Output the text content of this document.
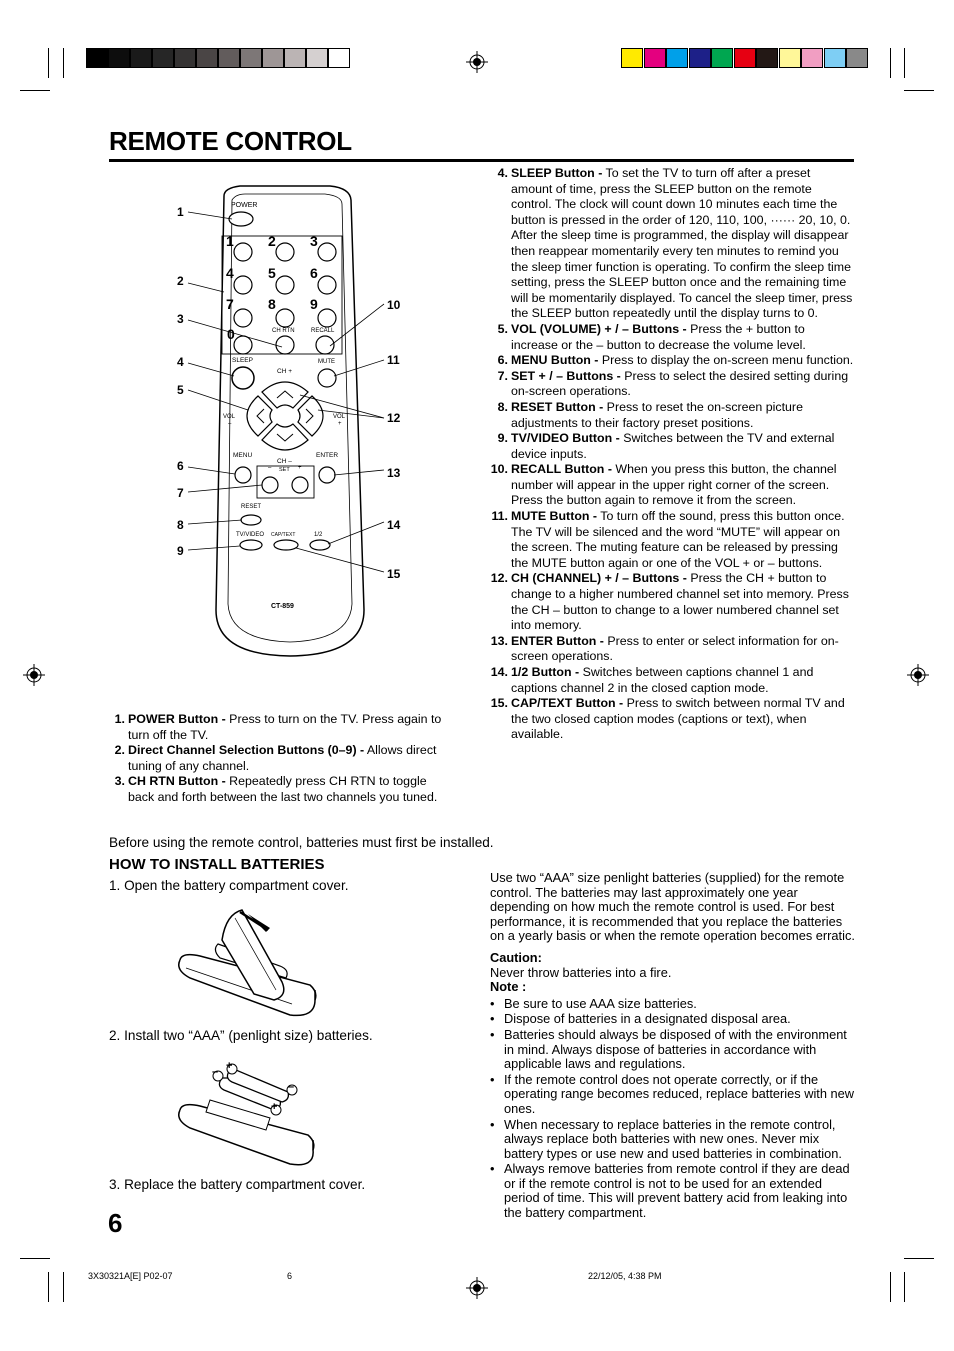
REMOTE CONTROL
POWER
1 2 3
4 5 6
7 8 9
0	CH RTN	RECALL
SLEEP	MUTE
CH +
VOL
–
VOL
+
CH –
MENU	ENTER
– SET +
RESET
TV/VIDEO CAP/TEXT	1/2
CT-859
1
2
3
4
5
6
7
8
9
10
11
12
13
14
15
1. POWER Button - Press to turn on the TV. Press again to turn off the TV.
2. Direct Channel Selection Buttons (0–9) - Allows direct tuning of any channel.
3. CH RTN Button - Repeatedly press CH RTN to toggle back and forth between the last two channels you tuned.
4. SLEEP Button - To set the TV to turn off after a preset amount of time, press the SLEEP button on the remote control. The clock will count down 10 minutes each time the button is pressed in the order of 120, 110, 100, ······ 20, 10, 0. After the sleep time is programmed, the display will disappear then reappear momentarily every ten minutes to remind you the sleep timer function is operating. To confirm the sleep time setting, press the SLEEP button once and the remaining time will be momentarily displayed. To cancel the sleep timer, press the SLEEP button repeatedly until the display turns to 0.
5. VOL (VOLUME) + / – Buttons - Press the + button to increase or the – button to decrease the volume level.
6. MENU Button - Press to display the on-screen menu function.
7. SET + / – Buttons - Press to select the desired setting during on-screen operations.
8. RESET Button - Press to reset the on-screen picture adjustments to their factory preset positions.
9. TV/VIDEO Button - Switches between the TV and external device inputs.
10. RECALL Button - When you press this button, the channel number will appear in the upper right corner of the screen. Press the button again to remove it from the screen.
11. MUTE Button - To turn off the sound, press this button once. The TV will be silenced and the word “MUTE” will appear on the screen. The muting feature can be released by pressing the MUTE button again or one of the VOL + or – buttons.
12. CH (CHANNEL) + / – Buttons - Press the CH + button to change to a higher numbered channel set into memory. Press the CH – button to change to a lower numbered channel set into memory.
13. ENTER Button - Press to enter or select information for on-screen operations.
14. 1/2 Button - Switches between captions channel 1 and captions channel 2 in the closed caption mode.
15. CAP/TEXT Button - Press to switch between normal TV and the two closed caption modes (captions or text), when available.
Before using the remote control, batteries must first be installed.
HOW TO INSTALL BATTERIES
1. Open the battery compartment cover.
2. Install two “AAA” (penlight size) batteries.
– +
+
–
3. Replace the battery compartment cover.
Use two “AAA” size penlight batteries (supplied) for the remote control. The batteries may last approximately one year depending on how much the remote control is used. For best performance, it is recommended that you replace the batteries on a yearly basis or when the remote operation becomes erratic.
Caution:
Never throw batteries into a fire.
Note :
• Be sure to use AAA size batteries.
• Dispose of batteries in a designated disposal area.
• Batteries should always be disposed of with the environment in mind. Always dispose of batteries in accordance with applicable laws and regulations.
• If the remote control does not operate correctly, or if the operating range becomes reduced, replace batteries with new ones.
• When necessary to replace batteries in the remote control, always replace both batteries with new ones. Never mix battery types or use new and used batteries in combination.
• Always remove batteries from remote control if they are dead or if the remote control is not to be used for an extended period of time. This will prevent battery acid from leaking into the battery compartment.
6
3X30321A[E] P02-07	6	22/12/05, 4:38 PM
